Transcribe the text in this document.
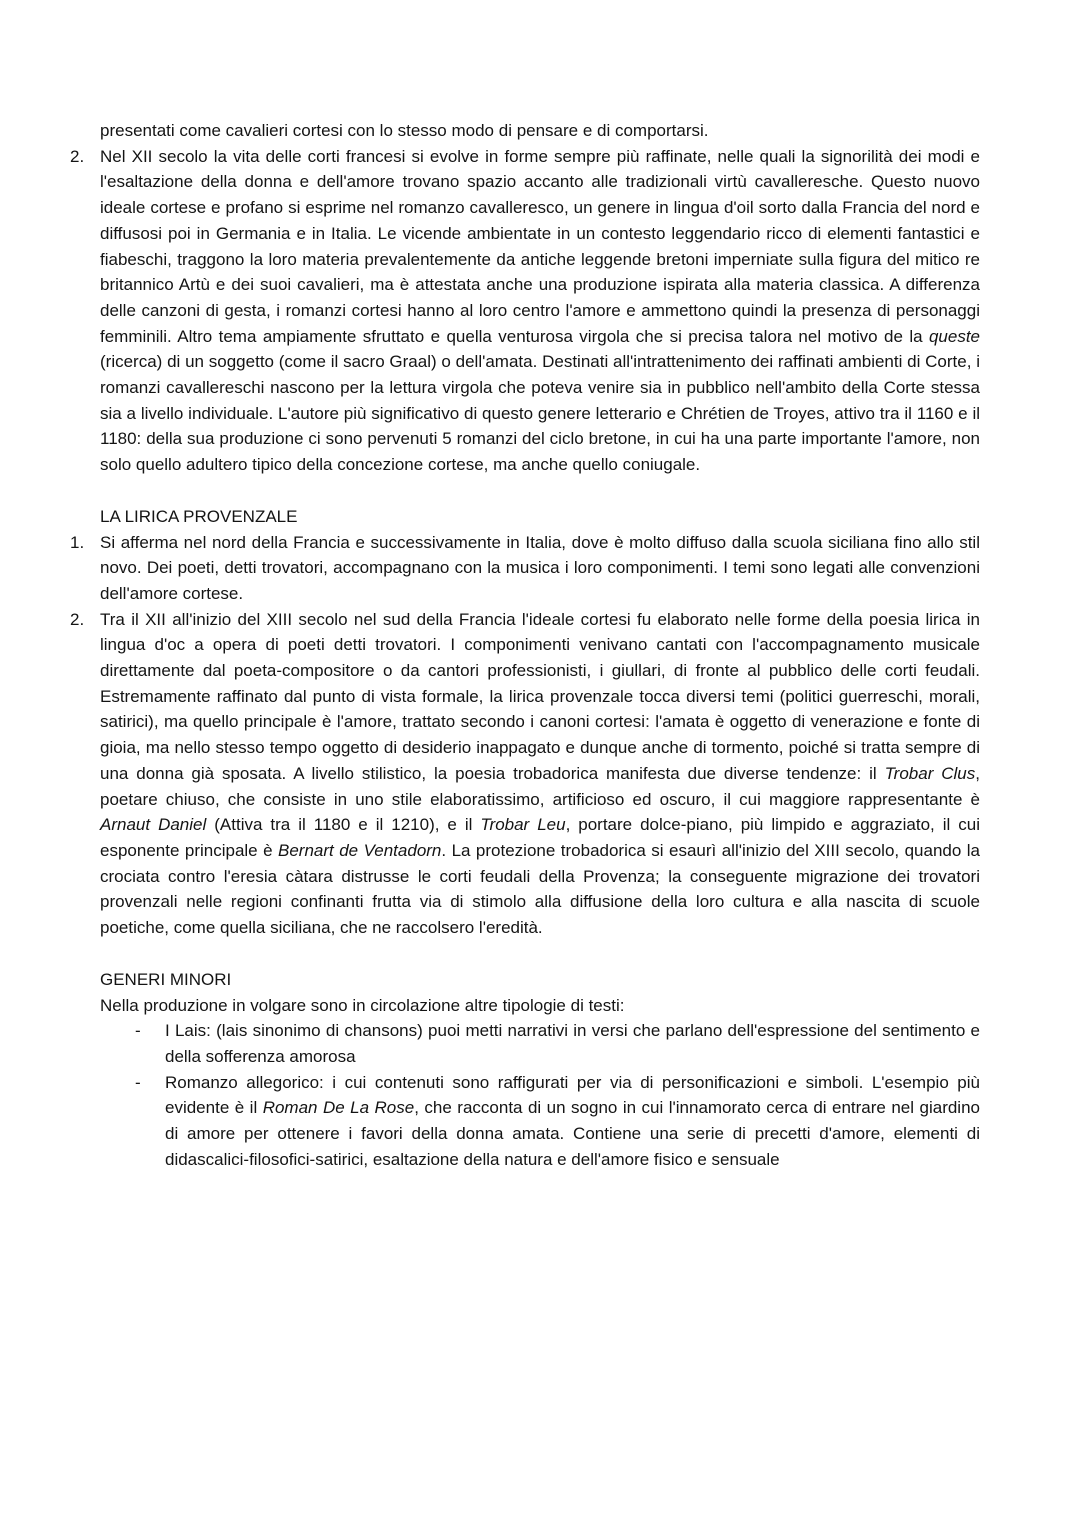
presentati come cavalieri cortesi con lo stesso modo di pensare e di comportarsi.
2. Nel XII secolo la vita delle corti francesi si evolve in forme sempre più raffinate, nelle quali la signorilità dei modi e l'esaltazione della donna e dell'amore trovano spazio accanto alle tradizionali virtù cavalleresche. Questo nuovo ideale cortese e profano si esprime nel romanzo cavalleresco, un genere in lingua d'oil sorto dalla Francia del nord e diffusosi poi in Germania e in Italia. Le vicende ambientate in un contesto leggendario ricco di elementi fantastici e fiabeschi, traggono la loro materia prevalentemente da antiche leggende bretoni imperniate sulla figura del mitico re britannico Artù e dei suoi cavalieri, ma è attestata anche una produzione ispirata alla materia classica. A differenza delle canzoni di gesta, i romanzi cortesi hanno al loro centro l'amore e ammettono quindi la presenza di personaggi femminili. Altro tema ampiamente sfruttato e quella venturosa virgola che si precisa talora nel motivo de la queste (ricerca) di un soggetto (come il sacro Graal) o dell'amata. Destinati all'intrattenimento dei raffinati ambienti di Corte, i romanzi cavallereschi nascono per la lettura virgola che poteva venire sia in pubblico nell'ambito della Corte stessa sia a livello individuale. L'autore più significativo di questo genere letterario e Chrétien de Troyes, attivo tra il 1160 e il 1180: della sua produzione ci sono pervenuti 5 romanzi del ciclo bretone, in cui ha una parte importante l'amore, non solo quello adultero tipico della concezione cortese, ma anche quello coniugale.
LA LIRICA PROVENZALE
1. Si afferma nel nord della Francia e successivamente in Italia, dove è molto diffuso dalla scuola siciliana fino allo stil novo. Dei poeti, detti trovatori, accompagnano con la musica i loro componimenti. I temi sono legati alle convenzioni dell'amore cortese.
2. Tra il XII all'inizio del XIII secolo nel sud della Francia l'ideale cortesi fu elaborato nelle forme della poesia lirica in lingua d'oc a opera di poeti detti trovatori. I componimenti venivano cantati con l'accompagnamento musicale direttamente dal poeta-compositore o da cantori professionisti, i giullari, di fronte al pubblico delle corti feudali. Estremamente raffinato dal punto di vista formale, la lirica provenzale tocca diversi temi (politici guerreschi, morali, satirici), ma quello principale è l'amore, trattato secondo i canoni cortesi: l'amata è oggetto di venerazione e fonte di gioia, ma nello stesso tempo oggetto di desiderio inappagato e dunque anche di tormento, poiché si tratta sempre di una donna già sposata. A livello stilistico, la poesia trobadorica manifesta due diverse tendenze: il Trobar Clus, poetare chiuso, che consiste in uno stile elaboratissimo, artificioso ed oscuro, il cui maggiore rappresentante è Arnaut Daniel (Attiva tra il 1180 e il 1210), e il Trobar Leu, portare dolce-piano, più limpido e aggraziato, il cui esponente principale è Bernart de Ventadorn. La protezione trobadorica si esaurì all'inizio del XIII secolo, quando la crociata contro l'eresia càtara distrusse le corti feudali della Provenza; la conseguente migrazione dei trovatori provenzali nelle regioni confinanti frutta via di stimolo alla diffusione della loro cultura e alla nascita di scuole poetiche, come quella siciliana, che ne raccolsero l'eredità.
GENERI MINORI
Nella produzione in volgare sono in circolazione altre tipologie di testi:
-	I Lais: (lais sinonimo di chansons) puoi metti narrativi in versi che parlano dell'espressione del sentimento e della sofferenza amorosa
-	Romanzo allegorico: i cui contenuti sono raffigurati per via di personificazioni e simboli. L'esempio più evidente è il Roman De La Rose, che racconta di un sogno in cui l'innamorato cerca di entrare nel giardino di amore per ottenere i favori della donna amata. Contiene una serie di precetti d'amore, elementi di didascalici-filosofici-satirici, esaltazione della natura e dell'amore fisico e sensuale
